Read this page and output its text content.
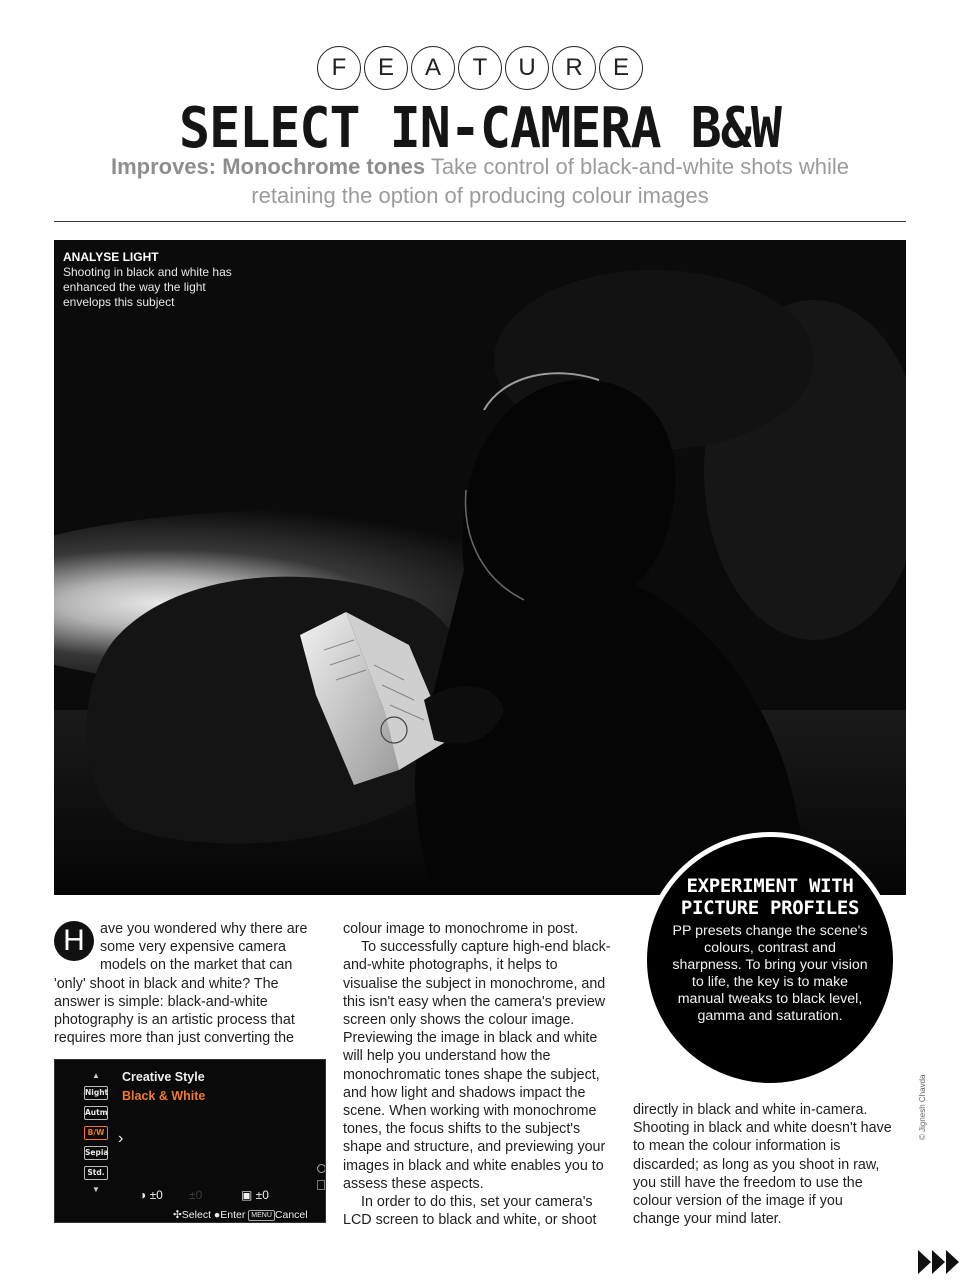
F	E	A	T	U	R	E
SELECT IN-CAMERA B&W

Improves: Monochrome tones Take control of black-and-white shots while retaining the option of producing colour images

ANALYSE LIGHT
Shooting in black and white has enhanced the way the light envelops this subject
EXPERIMENT WITH PICTURE PROFILES
PP presets change the scene's colours, contrast and sharpness. To bring your vision to life, the key is to make manual tweaks to black level, gamma and saturation.
H	ave you wondered why there are some very expensive camera models on the market that can 'only' shoot in black and white? The answer is simple: black-and-white photography is an artistic process that requires more than just converting the

▲
Night
Autm
B/W
Sepia
Std.
▼
›
Creative Style
Black & White
◑ ±0 ±0	▣ ±0
✣Select ●Enter MENU Cancel

colour image to monochrome in post.

To successfully capture high-end black-and-white photographs, it helps to visualise the subject in monochrome, and this isn't easy when the camera's preview screen only shows the colour image. Previewing the image in black and white will help you understand how the monochromatic tones shape the subject, and how light and shadows impact the scene. When working with monochrome tones, the focus shifts to the subject's shape and structure, and previewing your images in black and white enables you to assess these aspects.

In order to do this, set your camera's LCD screen to black and white, or shoot

directly in black and white in-camera. Shooting in black and white doesn't have to mean the colour information is discarded; as long as you shoot in raw, you still have the freedom to use the colour version of the image if you change your mind later.

© Jignesh Chavda
